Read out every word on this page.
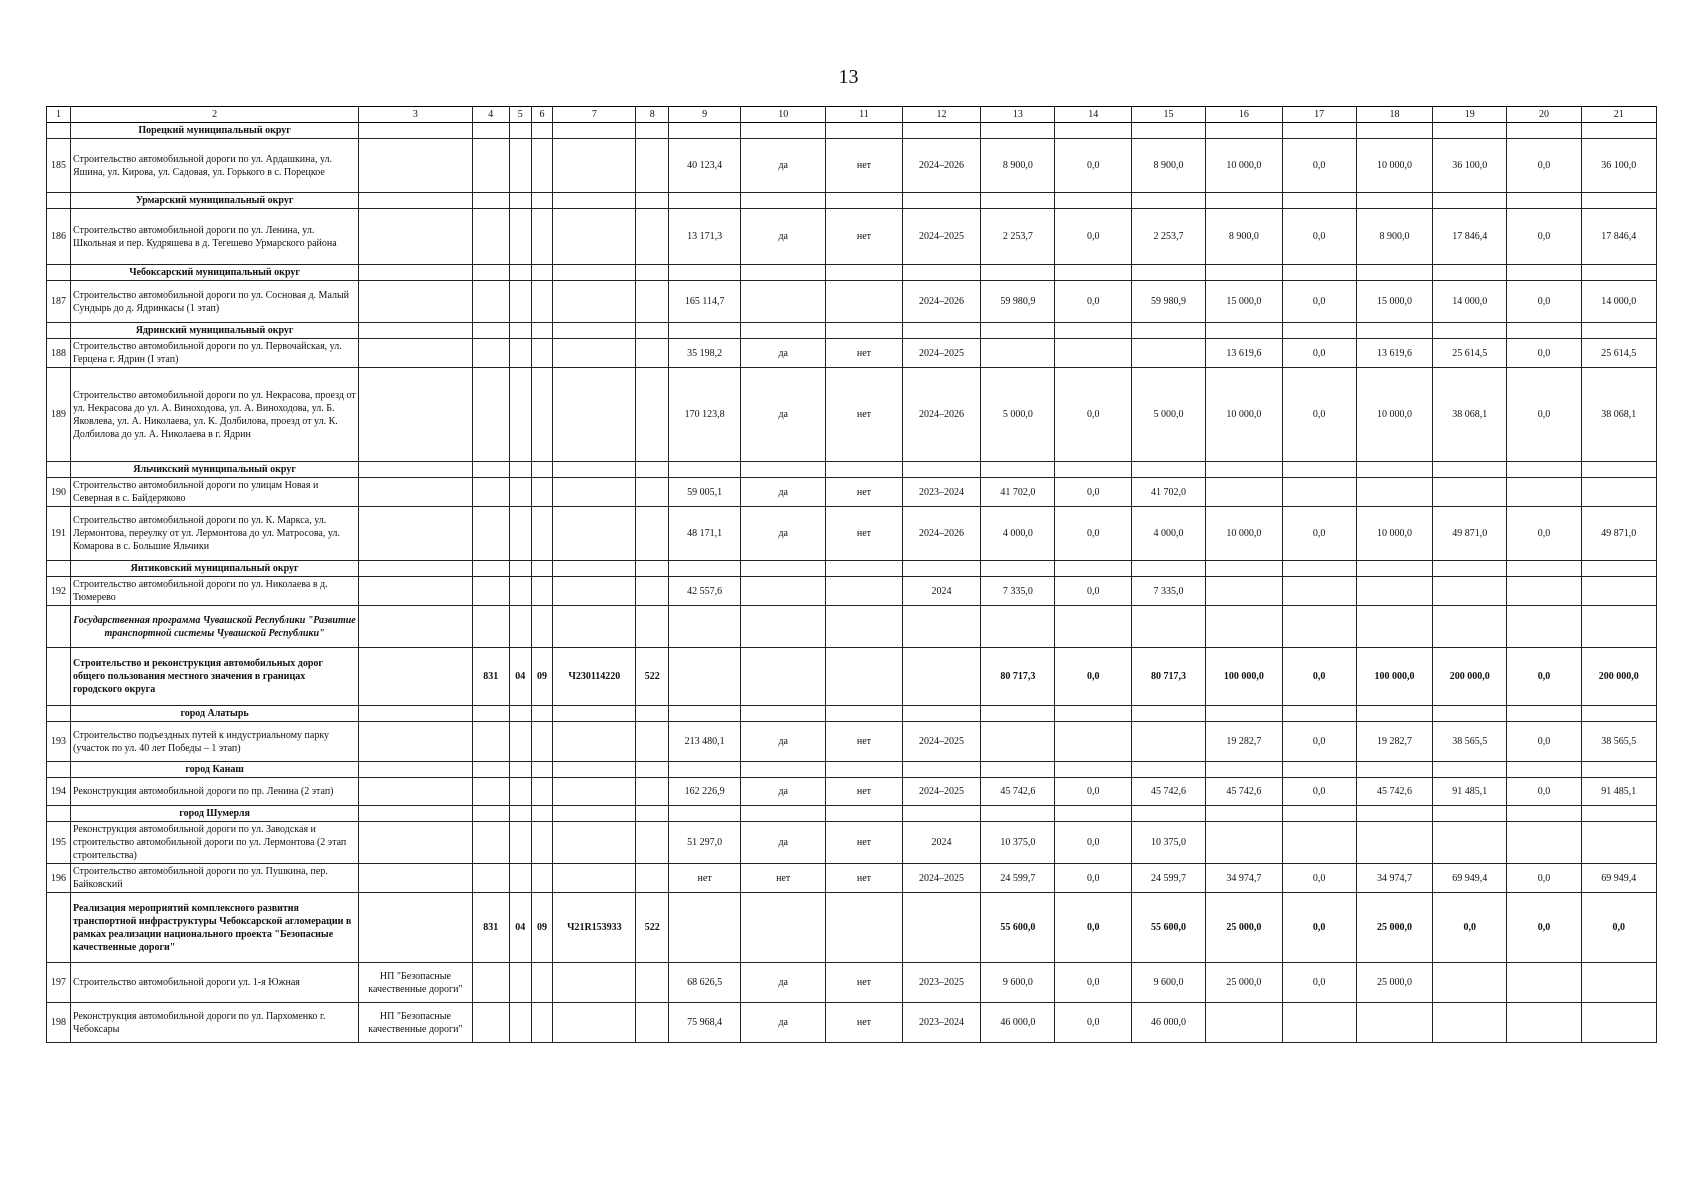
13
1	2	3	4	5	6	7	8	9	10	11	12	13	14	15	16	17	18	19	20	21
	Порецкий муниципальный округ																			
185	Строительство автомобильной дороги по ул. Ардашкина, ул. Яшина, ул. Кирова, ул. Садовая, ул. Горького в с. Порецкое							40 123,4	да	нет	2024–2026	8 900,0	0,0	8 900,0	10 000,0	0,0	10 000,0	36 100,0	0,0	36 100,0
	Урмарский муниципальный округ																			
186	Строительство автомобильной дороги по ул. Ленина, ул. Школьная и пер. Кудряшева в д. Тегешево Урмарского района							13 171,3	да	нет	2024–2025	2 253,7	0,0	2 253,7	8 900,0	0,0	8 900,0	17 846,4	0,0	17 846,4
	Чебоксарский муниципальный округ																			
187	Строительство автомобильной дороги по ул. Сосновая д. Малый Сундырь до д. Ядринкасы (1 этап)							165 114,7			2024–2026	59 980,9	0,0	59 980,9	15 000,0	0,0	15 000,0	14 000,0	0,0	14 000,0
	Ядринский муниципальный округ																			
188	Строительство автомобильной дороги по ул. Первочайская, ул. Герцена г. Ядрин (I этап)							35 198,2	да	нет	2024–2025				13 619,6	0,0	13 619,6	25 614,5	0,0	25 614,5
189	Строительство автомобильной дороги по ул. Некрасова, проезд от ул. Некрасова до ул. А. Виноходова, ул. А. Виноходова, ул. Б. Яковлева, ул. А. Николаева, ул. К. Долбилова, проезд от ул. К. Долбилова до ул. А. Николаева в г. Ядрин							170 123,8	да	нет	2024–2026	5 000,0	0,0	5 000,0	10 000,0	0,0	10 000,0	38 068,1	0,0	38 068,1
	Яльчикский муниципальный округ																			
190	Строительство автомобильной дороги по улицам Новая и Северная в с. Байдеряково							59 005,1	да	нет	2023–2024	41 702,0	0,0	41 702,0						
191	Строительство автомобильной дороги по ул. К. Маркса, ул. Лермонтова, переулку от ул. Лермонтова до ул. Матросова, ул. Комарова в с. Большие Яльчики							48 171,1	да	нет	2024–2026	4 000,0	0,0	4 000,0	10 000,0	0,0	10 000,0	49 871,0	0,0	49 871,0
	Янтиковский муниципальный округ																			
192	Строительство автомобильной дороги по ул. Николаева в д. Тюмерево							42 557,6			2024	7 335,0	0,0	7 335,0						
	Государственная программа Чувашской Республики "Развитие транспортной системы Чувашской Республики"																			
	Строительство и реконструкция автомобильных дорог общего пользования местного значения в границах городского округа		831	04	09	Ч230114220	522					80 717,3	0,0	80 717,3	100 000,0	0,0	100 000,0	200 000,0	0,0	200 000,0
	город Алатырь																			
193	Строительство подъездных путей к индустриальному парку (участок по ул. 40 лет Победы – 1 этап)							213 480,1	да	нет	2024–2025				19 282,7	0,0	19 282,7	38 565,5	0,0	38 565,5
	город Канаш																			
194	Реконструкция автомобильной дороги по пр. Ленина (2 этап)							162 226,9	да	нет	2024–2025	45 742,6	0,0	45 742,6	45 742,6	0,0	45 742,6	91 485,1	0,0	91 485,1
	город Шумерля																			
195	Реконструкция автомобильной дороги по ул. Заводская и строительство автомобильной дороги по ул. Лермонтова (2 этап строительства)							51 297,0	да	нет	2024	10 375,0	0,0	10 375,0						
196	Строительство автомобильной дороги по ул. Пушкина, пер. Байковский							нет	нет	нет	2024–2025	24 599,7	0,0	24 599,7	34 974,7	0,0	34 974,7	69 949,4	0,0	69 949,4
	Реализация мероприятий комплексного развития транспортной инфраструктуры Чебоксарской агломерации в рамках реализации национального проекта "Безопасные качественные дороги"		831	04	09	Ч21R153933	522					55 600,0	0,0	55 600,0	25 000,0	0,0	25 000,0	0,0	0,0	0,0
197	Строительство автомобильной дороги ул. 1-я Южная	НП "Безопасные качественные дороги"						68 626,5	да	нет	2023–2025	9 600,0	0,0	9 600,0	25 000,0	0,0	25 000,0			
198	Реконструкция автомобильной дороги по ул. Пархоменко г. Чебоксары	НП "Безопасные качественные дороги"						75 968,4	да	нет	2023–2024	46 000,0	0,0	46 000,0						
